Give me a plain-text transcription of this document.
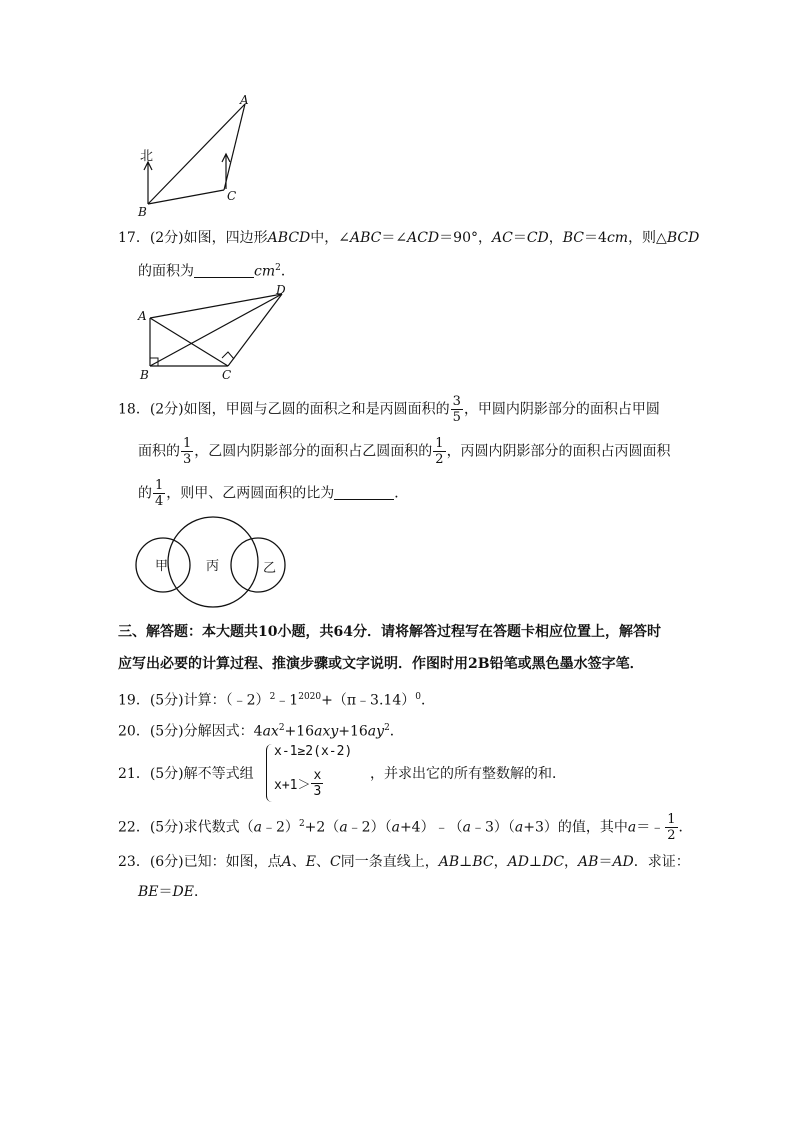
北
A
B
C
17．(2分)如图，四边形ABCD中，∠ABC＝∠ACD＝90°，AC＝CD，BC＝4cm，则△BCD
的面积为	$cm^2$．
A
B	C
D
18．(2分)如图，甲圆与乙圆的面积之和是丙圆面积的 $\frac{3}{5}$ ，甲圆内阴影部分的面积占甲圆
面积的 $\frac{1}{3}$ ，乙圆内阴影部分的面积占乙圆面积的 $\frac{1}{2}$ ，丙圆内阴影部分的面积占丙圆面积
的 $\frac{1}{4}$ ，则甲、乙两圆面积的比为	．
甲	丙	乙
三、解答题：本大题共10小题，共64分．请将解答过程写在答题卡相应位置上，解答时
应写出必要的计算过程、推演步骤或文字说明．作图时用2B铅笔或黑色墨水签字笔．
19．(5分)计算：$(﹣2)^2﹣1^{2020}+(\pi﹣3.14)^0$．
20．(5分)分解因式：$4ax^2+16axy+16ay^2$．
21．(5分)解不等式组
x-1≥2(x-2)
$x+1> \frac{x}{3}$	，并求出它的所有整数解的和．
22．(5分)求代数式（a﹣2）$^2$+2（a﹣2）（a+4）﹣（a﹣3）（a+3）的值，其中a＝﹣ $\frac{1}{2}$ ．
23．(6分)已知：如图，点A、E、C同一条直线上，AB⊥BC，AD⊥DC，AB＝AD．求证：
BE＝DE．
